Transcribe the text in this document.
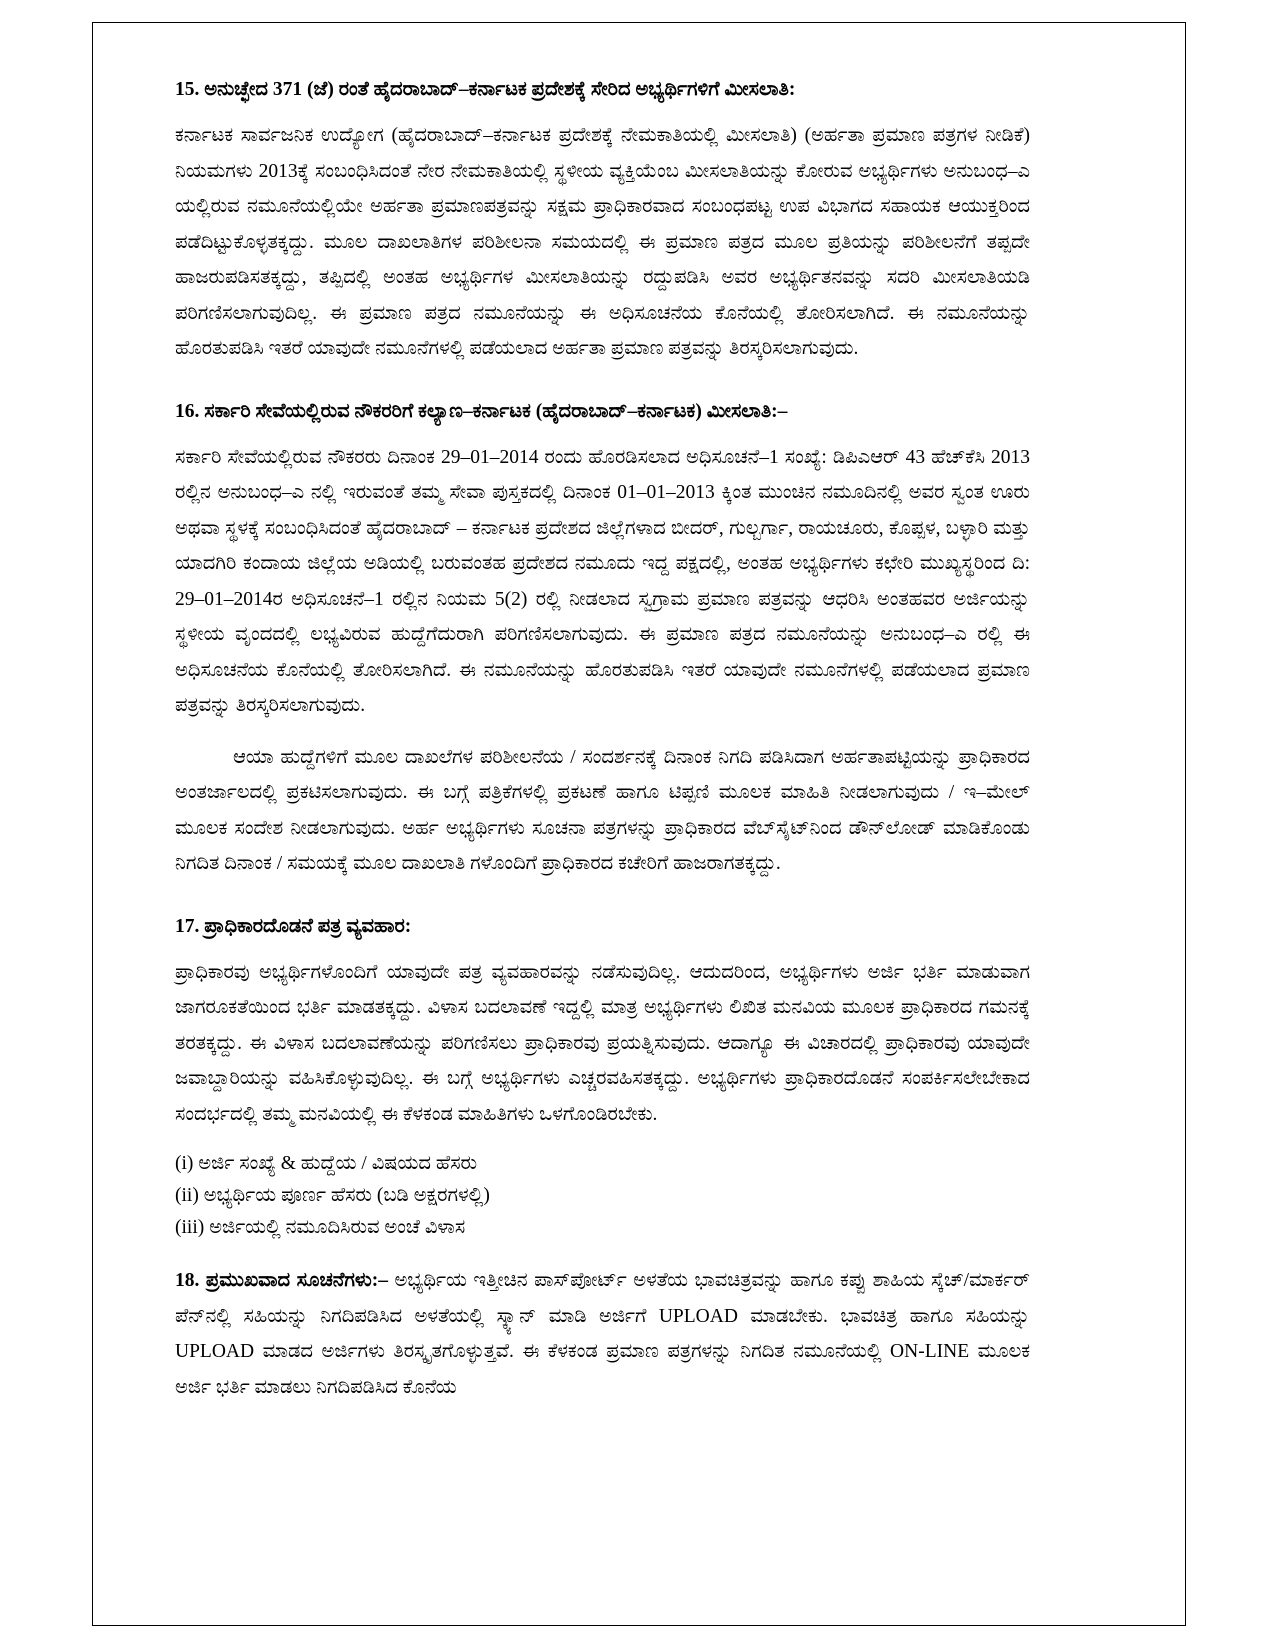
15. ಅನುಚ್ಛೇದ 371 (ಜೆ) ರಂತೆ ಹೈದರಾಬಾದ್–ಕರ್ನಾಟಕ ಪ್ರದೇಶಕ್ಕೆ ಸೇರಿದ ಅಭ್ಯರ್ಥಿಗಳಿಗೆ ಮೀಸಲಾತಿ:

ಕರ್ನಾಟಕ ಸಾರ್ವಜನಿಕ ಉದ್ಯೋಗ (ಹೈದರಾಬಾದ್–ಕರ್ನಾಟಕ ಪ್ರದೇಶಕ್ಕೆ ನೇಮಕಾತಿಯಲ್ಲಿ ಮೀಸಲಾತಿ) (ಅರ್ಹತಾ ಪ್ರಮಾಣ ಪತ್ರಗಳ ನೀಡಿಕೆ) ನಿಯಮಗಳು 2013ಕ್ಕೆ ಸಂಬಂಧಿಸಿದಂತೆ ನೇರ ನೇಮಕಾತಿಯಲ್ಲಿ ಸ್ಥಳೀಯ ವ್ಯಕ್ತಿಯೆಂಬ ಮೀಸಲಾತಿಯನ್ನು ಕೋರುವ ಅಭ್ಯರ್ಥಿಗಳು ಅನುಬಂಧ–ಎ ಯಲ್ಲಿರುವ ನಮೂನೆಯಲ್ಲಿಯೇ ಅರ್ಹತಾ ಪ್ರಮಾಣಪತ್ರವನ್ನು ಸಕ್ಷಮ ಪ್ರಾಧಿಕಾರವಾದ ಸಂಬಂಧಪಟ್ಟ ಉಪ ವಿಭಾಗದ ಸಹಾಯಕ ಆಯುಕ್ತರಿಂದ ಪಡೆದಿಟ್ಟುಕೊಳ್ಳತಕ್ಕದ್ದು. ಮೂಲ ದಾಖಲಾತಿಗಳ ಪರಿಶೀಲನಾ ಸಮಯದಲ್ಲಿ ಈ ಪ್ರಮಾಣ ಪತ್ರದ ಮೂಲ ಪ್ರತಿಯನ್ನು ಪರಿಶೀಲನೆಗೆ ತಪ್ಪದೇ ಹಾಜರುಪಡಿಸತಕ್ಕದ್ದು, ತಪ್ಪಿದಲ್ಲಿ ಅಂತಹ ಅಭ್ಯರ್ಥಿಗಳ ಮೀಸಲಾತಿಯನ್ನು ರದ್ದುಪಡಿಸಿ ಅವರ ಅಭ್ಯರ್ಥಿತನವನ್ನು ಸದರಿ ಮೀಸಲಾತಿಯಡಿ ಪರಿಗಣಿಸಲಾಗುವುದಿಲ್ಲ. ಈ ಪ್ರಮಾಣ ಪತ್ರದ ನಮೂನೆಯನ್ನು ಈ ಅಧಿಸೂಚನೆಯ ಕೊನೆಯಲ್ಲಿ ತೋರಿಸಲಾಗಿದೆ. ಈ ನಮೂನೆಯನ್ನು ಹೊರತುಪಡಿಸಿ ಇತರೆ ಯಾವುದೇ ನಮೂನೆಗಳಲ್ಲಿ ಪಡೆಯಲಾದ ಅರ್ಹತಾ ಪ್ರಮಾಣ ಪತ್ರವನ್ನು ತಿರಸ್ಕರಿಸಲಾಗುವುದು.

16. ಸರ್ಕಾರಿ ಸೇವೆಯಲ್ಲಿರುವ ನೌಕರರಿಗೆ ಕಲ್ಯಾಣ–ಕರ್ನಾಟಕ (ಹೈದರಾಬಾದ್–ಕರ್ನಾಟಕ) ಮೀಸಲಾತಿ:–

ಸರ್ಕಾರಿ ಸೇವೆಯಲ್ಲಿರುವ ನೌಕರರು ದಿನಾಂಕ 29–01–2014 ರಂದು ಹೊರಡಿಸಲಾದ ಅಧಿಸೂಚನೆ–1 ಸಂಖ್ಯೆ: ಡಿಪಿಎಆರ್ 43 ಹೆಚ್‌ಕೆಸಿ 2013 ರಲ್ಲಿನ ಅನುಬಂಧ–ಎ ನಲ್ಲಿ ಇರುವಂತೆ ತಮ್ಮ ಸೇವಾ ಪುಸ್ತಕದಲ್ಲಿ ದಿನಾಂಕ 01–01–2013 ಕ್ಕಿಂತ ಮುಂಚಿನ ನಮೂದಿನಲ್ಲಿ ಅವರ ಸ್ವಂತ ಊರು ಅಥವಾ ಸ್ಥಳಕ್ಕೆ ಸಂಬಂಧಿಸಿದಂತೆ ಹೈದರಾಬಾದ್ – ಕರ್ನಾಟಕ ಪ್ರದೇಶದ ಜಿಲ್ಲೆಗಳಾದ ಬೀದರ್, ಗುಲ್ಬರ್ಗಾ, ರಾಯಚೂರು, ಕೊಪ್ಪಳ, ಬಳ್ಳಾರಿ ಮತ್ತು ಯಾದಗಿರಿ ಕಂದಾಯ ಜಿಲ್ಲೆಯ ಅಡಿಯಲ್ಲಿ ಬರುವಂತಹ ಪ್ರದೇಶದ ನಮೂದು ಇದ್ದ ಪಕ್ಷದಲ್ಲಿ, ಅಂತಹ ಅಭ್ಯರ್ಥಿಗಳು ಕಛೇರಿ ಮುಖ್ಯಸ್ಥರಿಂದ ದಿ: 29–01–2014ರ ಅಧಿಸೂಚನೆ–1 ರಲ್ಲಿನ ನಿಯಮ 5(2) ರಲ್ಲಿ ನೀಡಲಾದ ಸ್ವಗ್ರಾಮ ಪ್ರಮಾಣ ಪತ್ರವನ್ನು ಆಧರಿಸಿ ಅಂತಹವರ ಅರ್ಜಿಯನ್ನು ಸ್ಥಳೀಯ ವೃಂದದಲ್ಲಿ ಲಭ್ಯವಿರುವ ಹುದ್ದೆಗೆದುರಾಗಿ ಪರಿಗಣಿಸಲಾಗುವುದು. ಈ ಪ್ರಮಾಣ ಪತ್ರದ ನಮೂನೆಯನ್ನು ಅನುಬಂಧ–ಎ ರಲ್ಲಿ ಈ ಅಧಿಸೂಚನೆಯ ಕೊನೆಯಲ್ಲಿ ತೋರಿಸಲಾಗಿದೆ. ಈ ನಮೂನೆಯನ್ನು ಹೊರತುಪಡಿಸಿ ಇತರೆ ಯಾವುದೇ ನಮೂನೆಗಳಲ್ಲಿ ಪಡೆಯಲಾದ ಪ್ರಮಾಣ ಪತ್ರವನ್ನು ತಿರಸ್ಕರಿಸಲಾಗುವುದು.

ಆಯಾ ಹುದ್ದೆಗಳಿಗೆ ಮೂಲ ದಾಖಲೆಗಳ ಪರಿಶೀಲನೆಯ / ಸಂದರ್ಶನಕ್ಕೆ ದಿನಾಂಕ ನಿಗದಿ ಪಡಿಸಿದಾಗ ಅರ್ಹತಾಪಟ್ಟಿಯನ್ನು ಪ್ರಾಧಿಕಾರದ ಅಂತರ್ಜಾಲದಲ್ಲಿ ಪ್ರಕಟಿಸಲಾಗುವುದು. ಈ ಬಗ್ಗೆ ಪತ್ರಿಕೆಗಳಲ್ಲಿ ಪ್ರಕಟಣೆ ಹಾಗೂ ಟಿಪ್ಪಣಿ ಮೂಲಕ ಮಾಹಿತಿ ನೀಡಲಾಗುವುದು / ಇ–ಮೇಲ್ ಮೂಲಕ ಸಂದೇಶ ನೀಡಲಾಗುವುದು. ಅರ್ಹ ಅಭ್ಯರ್ಥಿಗಳು ಸೂಚನಾ ಪತ್ರಗಳನ್ನು ಪ್ರಾಧಿಕಾರದ ವೆಬ್‌ಸೈಟ್‌ನಿಂದ ಡೌನ್‌ಲೋಡ್ ಮಾಡಿಕೊಂಡು ನಿಗದಿತ ದಿನಾಂಕ / ಸಮಯಕ್ಕೆ ಮೂಲ ದಾಖಲಾತಿ ಗಳೊಂದಿಗೆ ಪ್ರಾಧಿಕಾರದ ಕಚೇರಿಗೆ ಹಾಜರಾಗತಕ್ಕದ್ದು.

17. ಪ್ರಾಧಿಕಾರದೊಡನೆ ಪತ್ರ ವ್ಯವಹಾರ:

ಪ್ರಾಧಿಕಾರವು ಅಭ್ಯರ್ಥಿಗಳೊಂದಿಗೆ ಯಾವುದೇ ಪತ್ರ ವ್ಯವಹಾರವನ್ನು ನಡೆಸುವುದಿಲ್ಲ. ಆದುದರಿಂದ, ಅಭ್ಯರ್ಥಿಗಳು ಅರ್ಜಿ ಭರ್ತಿ ಮಾಡುವಾಗ ಜಾಗರೂಕತೆಯಿಂದ ಭರ್ತಿ ಮಾಡತಕ್ಕದ್ದು. ವಿಳಾಸ ಬದಲಾವಣೆ ಇದ್ದಲ್ಲಿ ಮಾತ್ರ ಅಭ್ಯರ್ಥಿಗಳು ಲಿಖಿತ ಮನವಿಯ ಮೂಲಕ ಪ್ರಾಧಿಕಾರದ ಗಮನಕ್ಕೆ ತರತಕ್ಕದ್ದು. ಈ ವಿಳಾಸ ಬದಲಾವಣೆಯನ್ನು ಪರಿಗಣಿಸಲು ಪ್ರಾಧಿಕಾರವು ಪ್ರಯತ್ನಿಸುವುದು. ಆದಾಗ್ಯೂ ಈ ವಿಚಾರದಲ್ಲಿ ಪ್ರಾಧಿಕಾರವು ಯಾವುದೇ ಜವಾಬ್ದಾರಿಯನ್ನು ವಹಿಸಿಕೊಳ್ಳುವುದಿಲ್ಲ. ಈ ಬಗ್ಗೆ ಅಭ್ಯರ್ಥಿಗಳು ಎಚ್ಚರವಹಿಸತಕ್ಕದ್ದು. ಅಭ್ಯರ್ಥಿಗಳು ಪ್ರಾಧಿಕಾರದೊಡನೆ ಸಂಪರ್ಕಿಸಲೇಬೇಕಾದ ಸಂದರ್ಭದಲ್ಲಿ ತಮ್ಮ ಮನವಿಯಲ್ಲಿ ಈ ಕೆಳಕಂಡ ಮಾಹಿತಿಗಳು ಒಳಗೊಂಡಿರಬೇಕು.

(i) ಅರ್ಜಿ ಸಂಖ್ಯೆ & ಹುದ್ದೆಯ / ವಿಷಯದ ಹೆಸರು

(ii) ಅಭ್ಯರ್ಥಿಯ ಪೂರ್ಣ ಹೆಸರು (ಬಡಿ ಅಕ್ಷರಗಳಲ್ಲಿ)

(iii) ಅರ್ಜಿಯಲ್ಲಿ ನಮೂದಿಸಿರುವ ಅಂಚೆ ವಿಳಾಸ

18. ಪ್ರಮುಖವಾದ ಸೂಚನೆಗಳು:– ಅಭ್ಯರ್ಥಿಯ ಇತ್ತೀಚಿನ ಪಾಸ್‌ಪೋರ್ಟ್ ಅಳತೆಯ ಭಾವಚಿತ್ರವನ್ನು ಹಾಗೂ ಕಪ್ಪು ಶಾಹಿಯ ಸ್ಕೆಚ್/ಮಾರ್ಕರ್ ಪೆನ್‌ನಲ್ಲಿ ಸಹಿಯನ್ನು ನಿಗದಿಪಡಿಸಿದ ಅಳತೆಯಲ್ಲಿ ಸ್ಕ್ಯಾನ್ ಮಾಡಿ ಅರ್ಜಿಗೆ UPLOAD ಮಾಡಬೇಕು. ಭಾವಚಿತ್ರ ಹಾಗೂ ಸಹಿಯನ್ನು UPLOAD ಮಾಡದ ಅರ್ಜಿಗಳು ತಿರಸ್ಕೃತಗೊಳ್ಳುತ್ತವೆ. ಈ ಕೆಳಕಂಡ ಪ್ರಮಾಣ ಪತ್ರಗಳನ್ನು ನಿಗದಿತ ನಮೂನೆಯಲ್ಲಿ ON-LINE ಮೂಲಕ ಅರ್ಜಿ ಭರ್ತಿ ಮಾಡಲು ನಿಗದಿಪಡಿಸಿದ ಕೊನೆಯ
